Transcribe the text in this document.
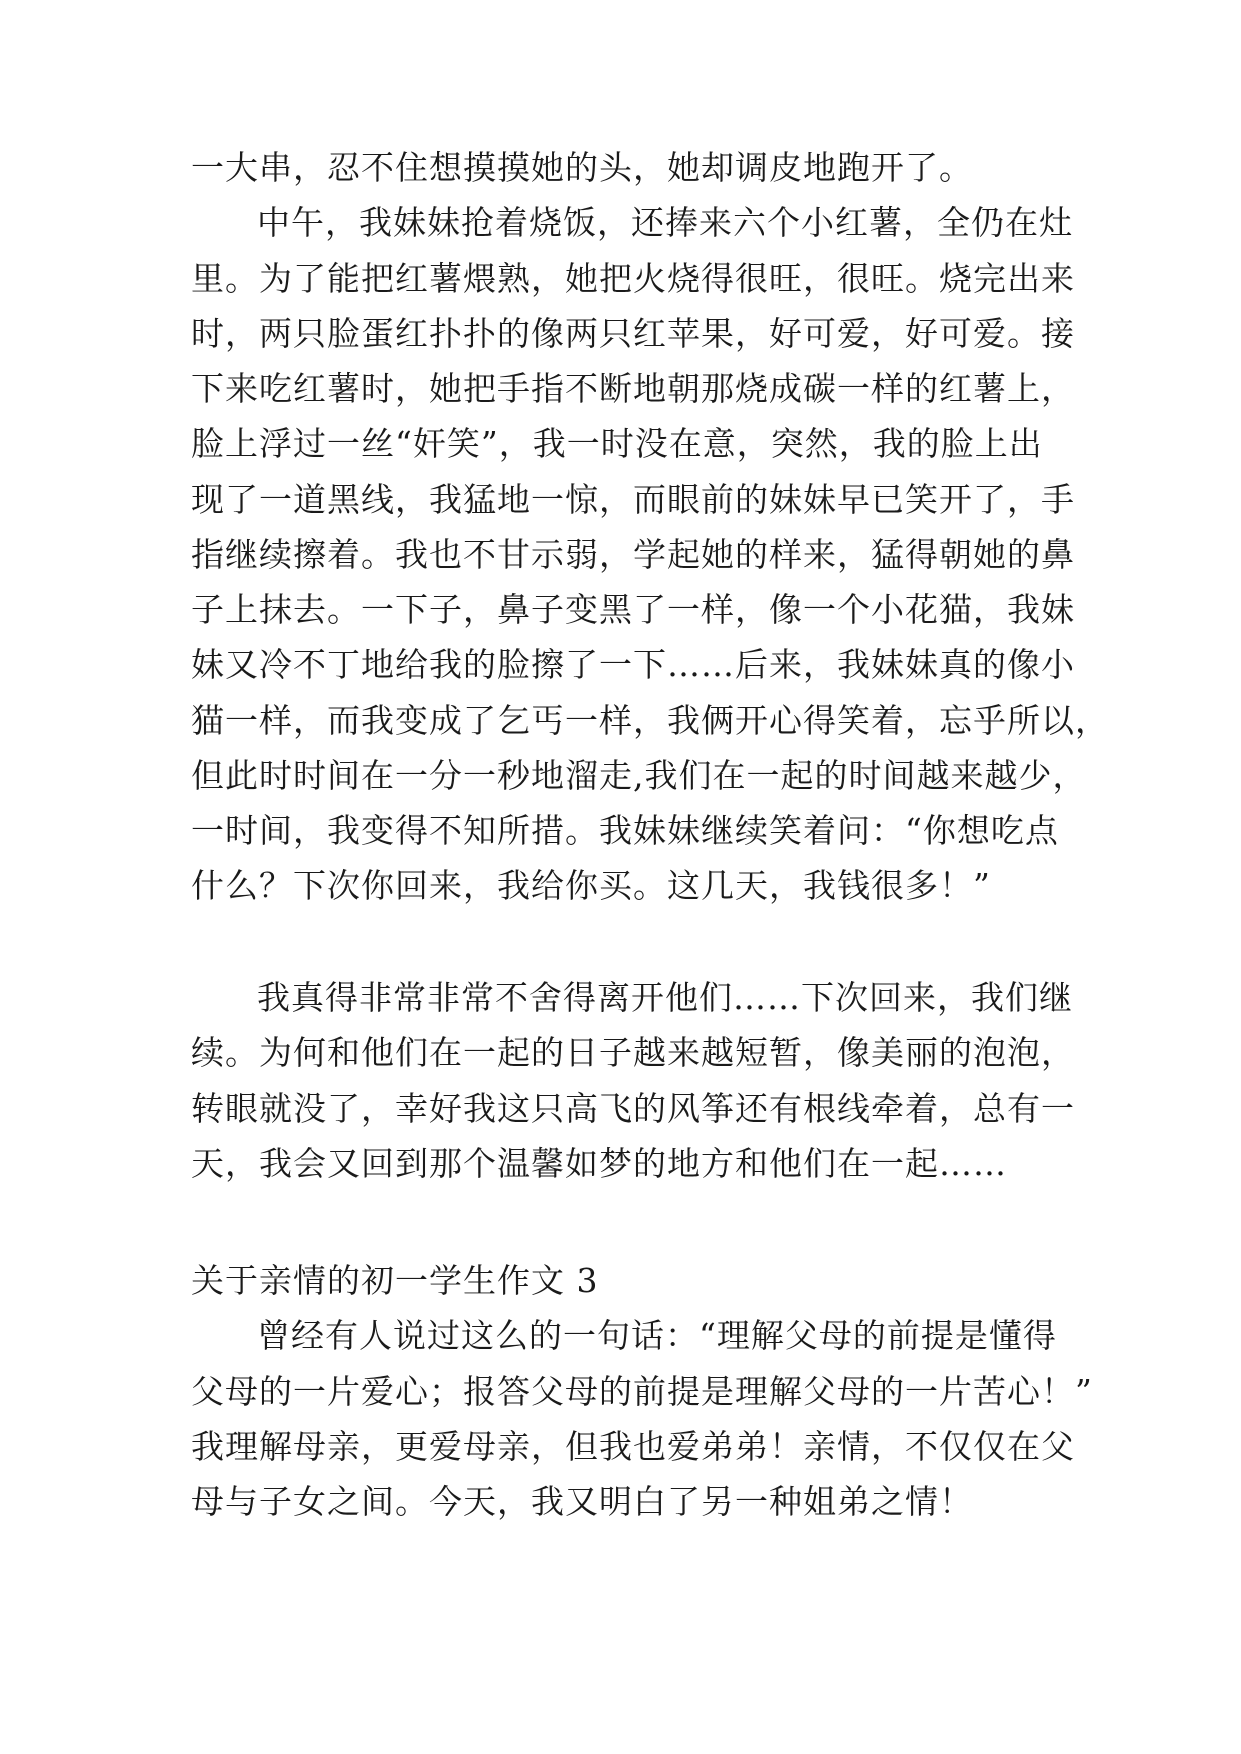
一大串，忍不住想摸摸她的头，她却调皮地跑开了。
中午，我妹妹抢着烧饭，还捧来六个小红薯，全仍在灶
里。为了能把红薯煨熟，她把火烧得很旺，很旺。烧完出来
时，两只脸蛋红扑扑的像两只红苹果，好可爱，好可爱。接
下来吃红薯时，她把手指不断地朝那烧成碳一样的红薯上，
脸上浮过一丝“奸笑”，我一时没在意，突然，我的脸上出
现了一道黑线，我猛地一惊，而眼前的妹妹早已笑开了，手
指继续擦着。我也不甘示弱，学起她的样来，猛得朝她的鼻
子上抹去。一下子，鼻子变黑了一样，像一个小花猫，我妹
妹又冷不丁地给我的脸擦了一下……后来，我妹妹真的像小
猫一样，而我变成了乞丐一样，我俩开心得笑着，忘乎所以，
但此时时间在一分一秒地溜走,我们在一起的时间越来越少，
一时间，我变得不知所措。我妹妹继续笑着问：“你想吃点
什么？下次你回来，我给你买。这几天，我钱很多！”
我真得非常非常不舍得离开他们……下次回来，我们继
续。为何和他们在一起的日子越来越短暂，像美丽的泡泡，
转眼就没了，幸好我这只高飞的风筝还有根线牵着，总有一
天，我会又回到那个温馨如梦的地方和他们在一起……
关于亲情的初一学生作文 3
曾经有人说过这么的一句话：“理解父母的前提是懂得
父母的一片爱心；报答父母的前提是理解父母的一片苦心！”
我理解母亲，更爱母亲，但我也爱弟弟！亲情，不仅仅在父
母与子女之间。今天，我又明白了另一种姐弟之情！
